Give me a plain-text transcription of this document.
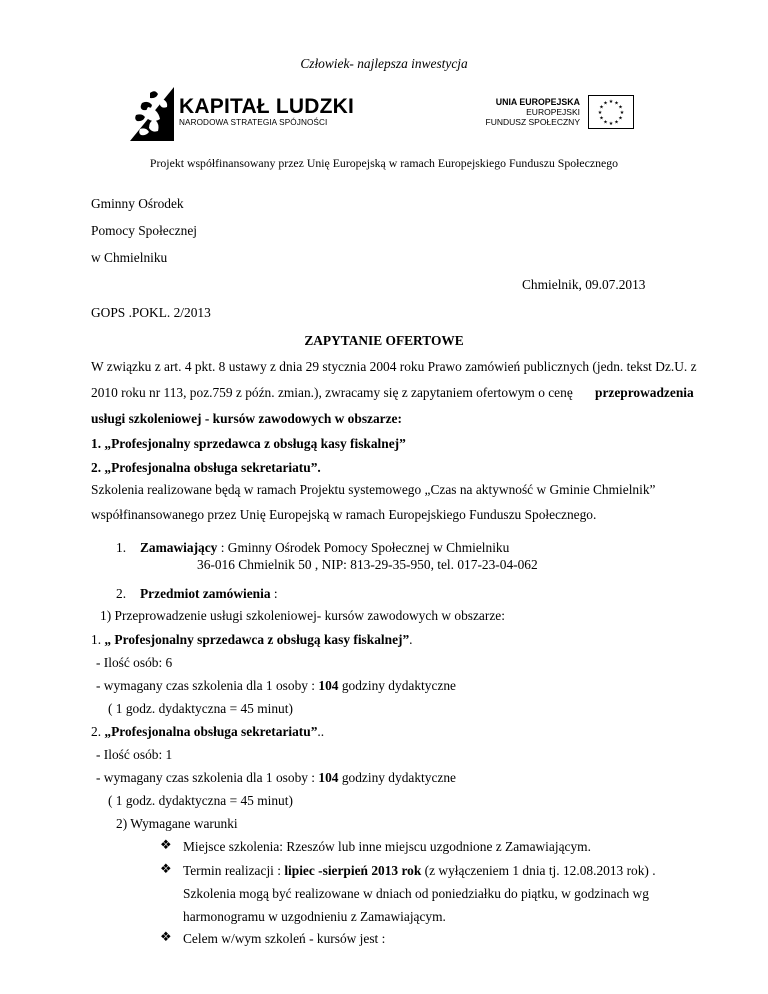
Człowiek- najlepsza inwestycja
KAPITAŁ LUDZKI
NARODOWA STRATEGIA SPÓJNOŚCI
UNIA EUROPEJSKA
EUROPEJSKI
FUNDUSZ SPOŁECZNY
★
★
★
★
★
★
★
★
★ ★ ★
★
Projekt współfinansowany przez Unię Europejską w ramach Europejskiego Funduszu Społecznego
Gminny Ośrodek
Pomocy Społecznej
w Chmielniku
Chmielnik, 09.07.2013
GOPS .POKL. 2/2013
ZAPYTANIE OFERTOWE
W związku z art. 4 pkt. 8 ustawy z dnia 29 stycznia 2004 roku Prawo zamówień publicznych (jedn. tekst Dz.U. z
2010 roku nr 113, poz.759 z późn. zmian.), zwracamy się z zapytaniem ofertowym o cenę przeprowadzenia
usługi szkoleniowej - kursów zawodowych w obszarze:
1. „Profesjonalny sprzedawca z obsługą kasy fiskalnej”
2. „Profesjonalna obsługa sekretariatu”.
Szkolenia realizowane będą w ramach Projektu systemowego „Czas na aktywność w Gminie Chmielnik”
współfinansowanego przez Unię Europejską w ramach Europejskiego Funduszu Społecznego.
1. Zamawiający : Gminny Ośrodek Pomocy Społecznej w Chmielniku
36-016 Chmielnik 50 , NIP: 813-29-35-950, tel. 017-23-04-062
2. Przedmiot zamówienia :
1) Przeprowadzenie usługi szkoleniowej- kursów zawodowych w obszarze:
1. „ Profesjonalny sprzedawca z obsługą kasy fiskalnej”.
- Ilość osób: 6
- wymagany czas szkolenia dla 1 osoby : 104 godziny dydaktyczne
( 1 godz. dydaktyczna = 45 minut)
2. „Profesjonalna obsługa sekretariatu”..
- Ilość osób: 1
- wymagany czas szkolenia dla 1 osoby : 104 godziny dydaktyczne
( 1 godz. dydaktyczna = 45 minut)
2) Wymagane warunki
❖ Miejsce szkolenia: Rzeszów lub inne miejscu uzgodnione z Zamawiającym.
❖ Termin realizacji : lipiec -sierpień 2013 rok (z wyłączeniem 1 dnia tj. 12.08.2013 rok) .
Szkolenia mogą być realizowane w dniach od poniedziałku do piątku, w godzinach wg
harmonogramu w uzgodnieniu z Zamawiającym.
❖ Celem w/wym szkoleń - kursów jest :
